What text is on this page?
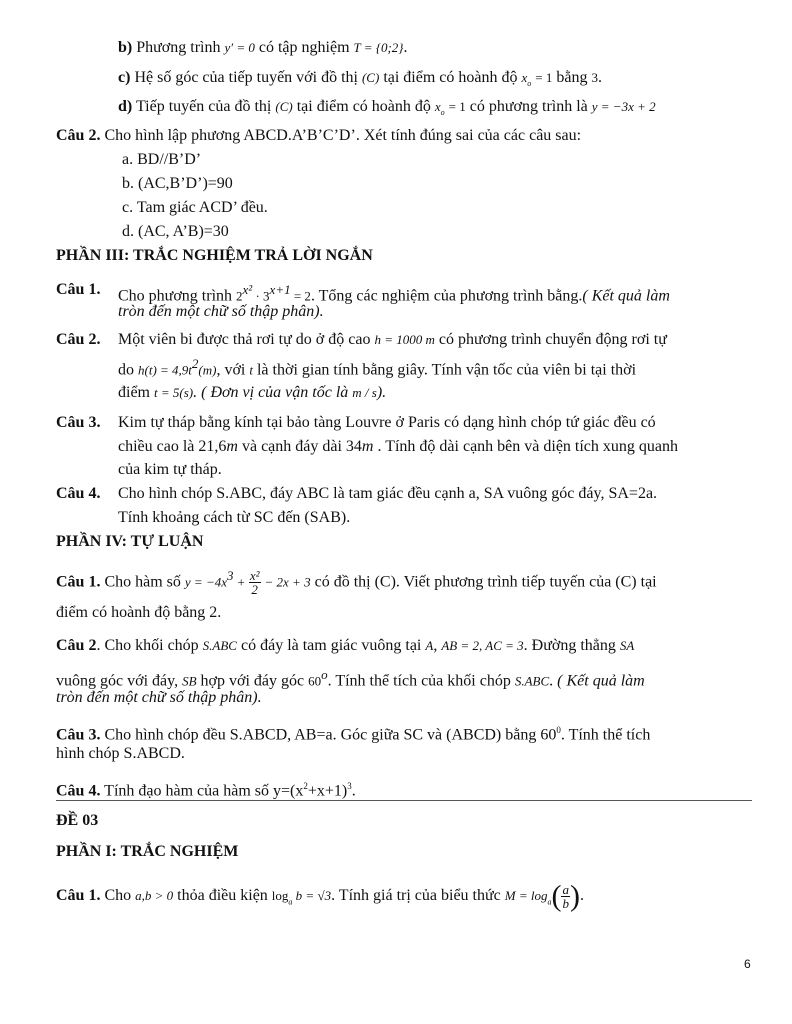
b) Phương trình y′ = 0 có tập nghiệm T = {0;2}.
c) Hệ số góc của tiếp tuyến với đồ thị (C) tại điểm có hoành độ $x_o = 1$ bằng 3.
d) Tiếp tuyến của đồ thị (C) tại điểm có hoành độ $x_o = 1$ có phương trình là y = −3x + 2
Câu 2. Cho hình lập phương ABCD.A’B’C’D’. Xét tính đúng sai của các câu sau:
a. BD//B’D’
b. (AC,B’D’)=90
c. Tam giác ACD’ đều.
d. (AC, A’B)=30
PHẦN III: TRẮC NGHIỆM TRẢ LỜI NGẮN
Câu 1. Cho phương trình $2^{x^2} \cdot 3^{x+1} = 2$. Tổng các nghiệm của phương trình bằng.( Kết quả làm
tròn đến một chữ số thập phân).
Câu 2. Một viên bi được thả rơi tự do ở độ cao h = 1000 m có phương trình chuyển động rơi tự
do $h(t) = 4,9t^2(m)$, với t là thời gian tính bằng giây. Tính vận tốc của viên bi tại thời
điểm t = 5(s). ( Đơn vị của vận tốc là m / s).
Câu 3. Kim tự tháp bằng kính tại bảo tàng Louvre ở Paris có dạng hình chóp tứ giác đều có
chiều cao là 21,6m và cạnh đáy dài 34m . Tính độ dài cạnh bên và diện tích xung quanh
của kim tự tháp.
Câu 4. Cho hình chóp S.ABC, đáy ABC là tam giác đều cạnh a, SA vuông góc đáy, SA=2a.
Tính khoảng cách từ SC đến (SAB).
PHẦN IV: TỰ LUẬN
Câu 1. Cho hàm số $y = -4x^3 + \frac{\text{x²}}{2} - 2x + 3$ có đồ thị (C). Viết phương trình tiếp tuyến của (C) tại
điểm có hoành độ bằng 2.
Câu 2. Cho khối chóp S.ABC có đáy là tam giác vuông tại A, AB = 2, AC = 3. Đường thẳng SA
vuông góc với đáy, SB hợp với đáy góc 60$^o$. Tính thể tích của khối chóp S.ABC. ( Kết quả làm
tròn đến một chữ số thập phân).
Câu 3. Cho hình chóp đều S.ABCD, AB=a. Góc giữa SC và (ABCD) bằng $60^0$. Tính thể tích
hình chóp S.ABCD.
Câu 4. Tính đạo hàm của hàm số $y=(x^2+x+1)^3$.
ĐỀ 03
PHẦN I: TRẮC NGHIỆM
Câu 1. Cho a,b > 0 thỏa điều kiện $\log_a b = √3$. Tính giá trị của biểu thức $M = \log_a( \frac{a}{b}$ ).
6
